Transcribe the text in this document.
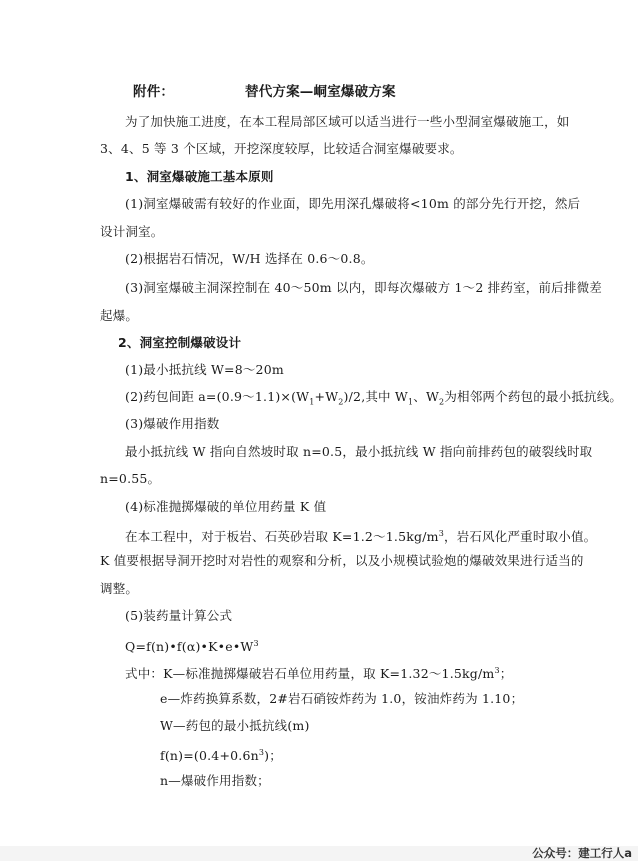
附件：	替代方案—峒室爆破方案
为了加快施工进度，在本工程局部区域可以适当进行一些小型洞室爆破施工，如
3、4、5 等 3 个区域，开挖深度较厚，比较适合洞室爆破要求。
1、洞室爆破施工基本原则
(1)洞室爆破需有较好的作业面，即先用深孔爆破将<10m 的部分先行开挖，然后
设计洞室。
(2)根据岩石情况，W/H 选择在 0.6～0.8。
(3)洞室爆破主洞深控制在 40～50m 以内，即每次爆破方 1～2 排药室，前后排微差
起爆。
2、洞室控制爆破设计
(1)最小抵抗线 W=8～20m
(2)药包间距 $a=(0.9\sim 1.1)\times(W_1+W_2)/2$,其中 $W_1$、$W_2$为相邻两个药包的最小抵抗线。
(3)爆破作用指数
最小抵抗线 W 指向自然坡时取 n=0.5，最小抵抗线 W 指向前排药包的破裂线时取
n=0.55。
(4)标准抛掷爆破的单位用药量 K 值
在本工程中，对于板岩、石英砂岩取 $K=1.2\sim 1.5kg/m^3$，岩石风化严重时取小值。
K 值要根据导洞开挖时对岩性的观察和分析，以及小规模试验炮的爆破效果进行适当的
调整。
(5)装药量计算公式
$Q=f(n)•f(\alpha)•K•e•W^3$
式中：K—标准抛掷爆破岩石单位用药量，取 $K=1.32\sim 1.5kg/m^3$；
e—炸药换算系数，2#岩石硝铵炸药为 1.0，铵油炸药为 1.10；
W—药包的最小抵抗线(m)
$f(n)=(0.4+0.6n^3)$；
n—爆破作用指数；
公众号：建工行人a
